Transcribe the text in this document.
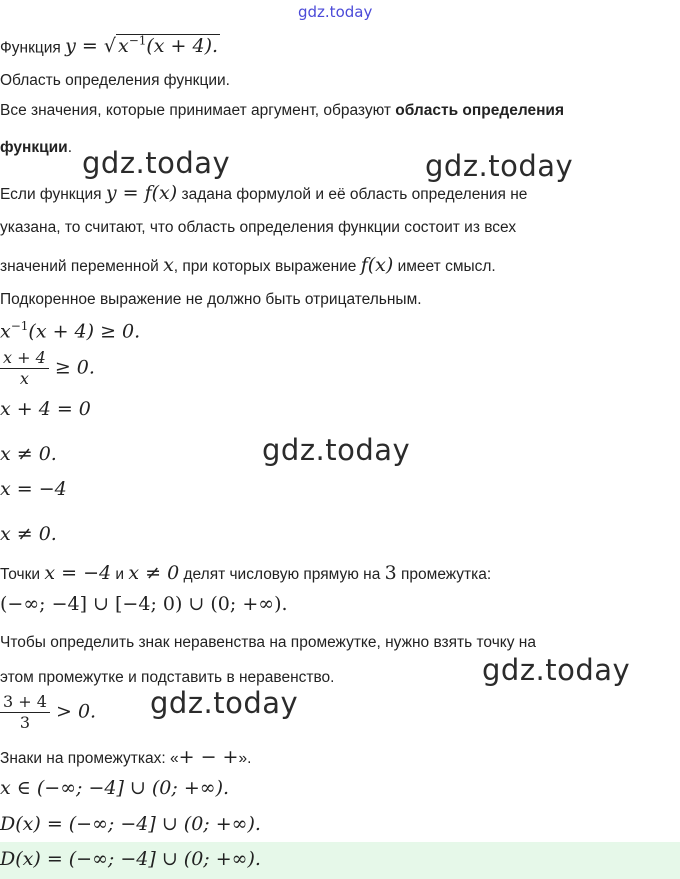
gdz.today
Функция y = √ $x^{-1}(x + 4)$.
Область определения функции.
Все значения, которые принимает аргумент, образуют область определения
функции.
Если функция y = f(x) задана формулой и её область определения не
указана, то считают, что область определения функции состоит из всех
значений переменной x, при которых выражение f(x) имеет смысл.
Подкоренное выражение не должно быть отрицательным.
$x^{-1}(x + 4) \ge 0$.
$\frac{x + 4}{x} \ge 0$.
x + 4 = 0
x ≠ 0.
x = −4
x ≠ 0.
Точки x = −4 и x ≠ 0 делят числовую прямую на 3 промежутка:
(−∞; −4] ∪ [−4; 0) ∪ (0; +∞).
Чтобы определить знак неравенства на промежутке, нужно взять точку на
этом промежутке и подставить в неравенство.
$\frac{3 + 4}{3} > 0$.
Знаки на промежутках: «+ − +».
x ∈ (−∞; −4] ∪ (0; +∞).
D(x) = (−∞; −4] ∪ (0; +∞).
D(x) = (−∞; −4] ∪ (0; +∞).
gdz.today	gdz.today
gdz.today
gdz.today
gdz.today
